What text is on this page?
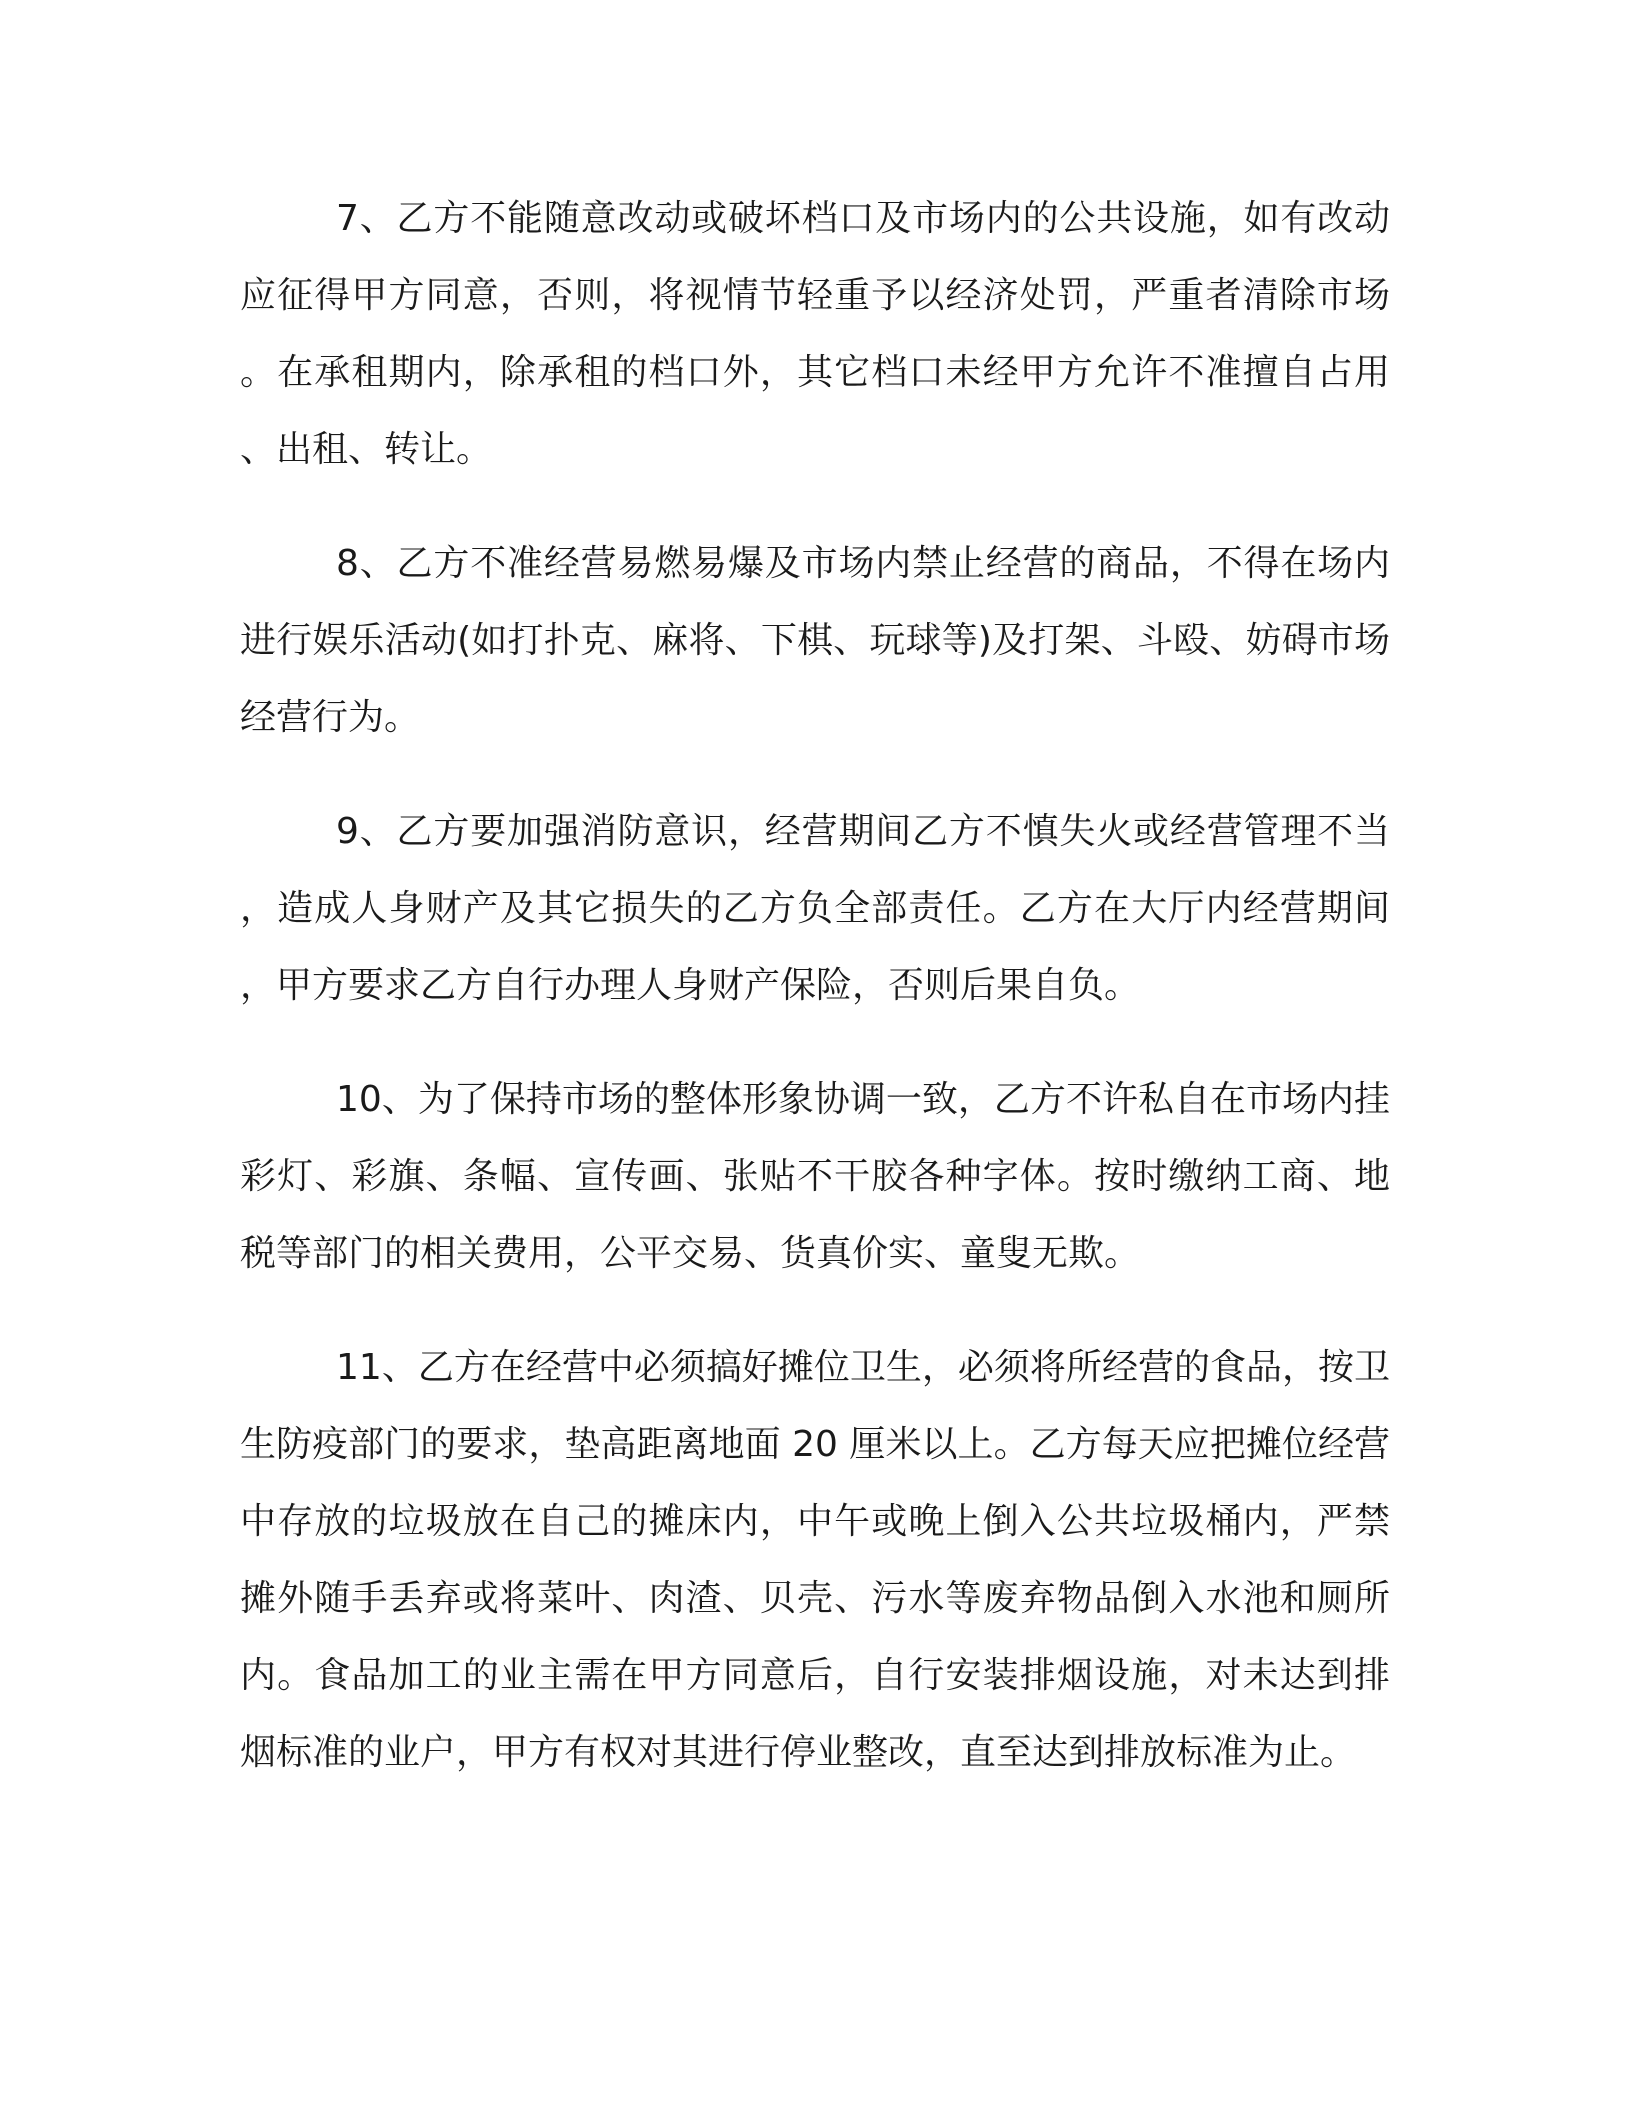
7、乙方不能随意改动或破坏档口及市场内的公共设施，如有改动应征得甲方同意，否则，将视情节轻重予以经济处罚，严重者清除市场。在承租期内，除承租的档口外，其它档口未经甲方允许不准擅自占用、出租、转让。

8、乙方不准经营易燃易爆及市场内禁止经营的商品，不得在场内进行娱乐活动(如打扑克、麻将、下棋、玩球等)及打架、斗殴、妨碍市场经营行为。

9、乙方要加强消防意识，经营期间乙方不慎失火或经营管理不当，造成人身财产及其它损失的乙方负全部责任。乙方在大厅内经营期间，甲方要求乙方自行办理人身财产保险，否则后果自负。

10、为了保持市场的整体形象协调一致，乙方不许私自在市场内挂彩灯、彩旗、条幅、宣传画、张贴不干胶各种字体。按时缴纳工商、地税等部门的相关费用，公平交易、货真价实、童叟无欺。

11、乙方在经营中必须搞好摊位卫生，必须将所经营的食品，按卫生防疫部门的要求，垫高距离地面 20 厘米以上。乙方每天应把摊位经营中存放的垃圾放在自己的摊床内，中午或晚上倒入公共垃圾桶内，严禁摊外随手丢弃或将菜叶、肉渣、贝壳、污水等废弃物品倒入水池和厕所内。食品加工的业主需在甲方同意后，自行安装排烟设施，对未达到排烟标准的业户，甲方有权对其进行停业整改，直至达到排放标准为止。
